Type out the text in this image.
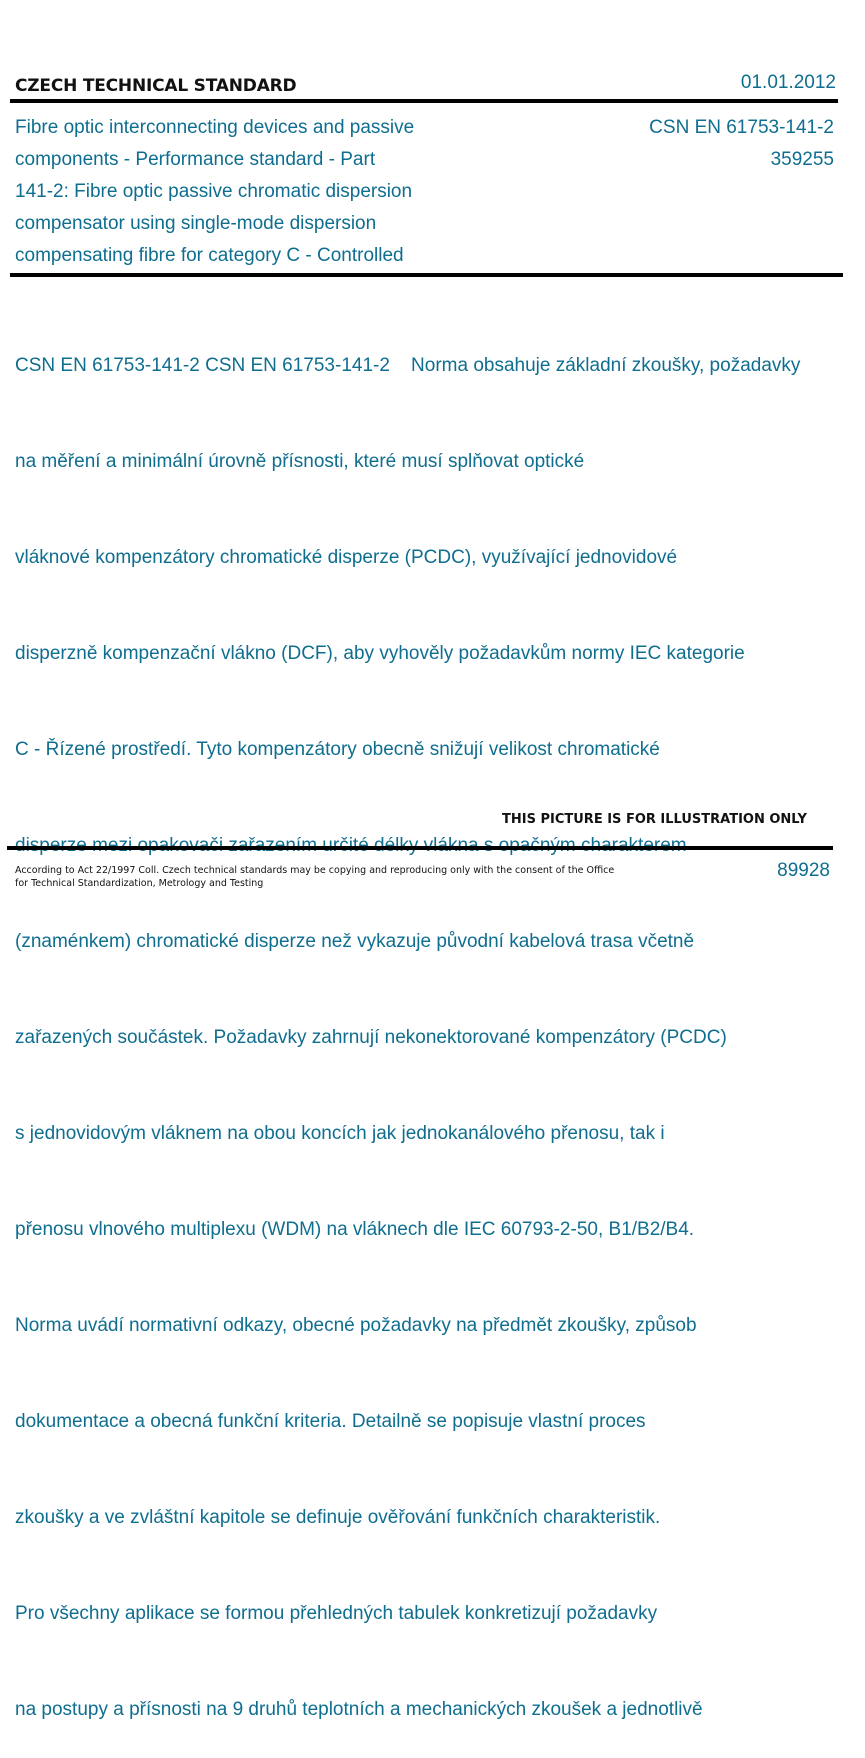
CZECH TECHNICAL STANDARD	01.01.2012
Fibre optic interconnecting devices and passive
components - Performance standard - Part
141-2: Fibre optic passive chromatic dispersion
compensator using single-mode dispersion
compensating fibre for category C - Controlled
CSN EN 61753-141-2
359255

CSN EN 61753-141-2 CSN EN 61753-141-2    Norma obsahuje základní zkoušky, požadavky

na měření a minimální úrovně přísnosti, které musí splňovat optické

vláknové kompenzátory chromatické disperze (PCDC), využívající jednovidové

disperzně kompenzační vlákno (DCF), aby vyhověly požadavkům normy IEC kategorie

C - Řízené prostředí. Tyto kompenzátory obecně snižují velikost chromatické

(znaménkem) chromatické disperze než vykazuje původní kabelová trasa včetně

zařazených součástek. Požadavky zahrnují nekonektorované kompenzátory (PCDC)

s jednovidovým vláknem na obou koncích jak jednokanálového přenosu, tak i

přenosu vlnového multiplexu (WDM) na vláknech dle IEC 60793-2-50, B1/B2/B4.

Norma uvádí normativní odkazy, obecné požadavky na předmět zkoušky, způsob

dokumentace a obecná funkční kriteria. Detailně se popisuje vlastní proces

zkoušky a ve zvláštní kapitole se definuje ověřování funkčních charakteristik.

Pro všechny aplikace se formou přehledných tabulek konkretizují požadavky

na postupy a přísnosti na 9 druhů teplotních a mechanických zkoušek a jednotlivě

THIS PICTURE IS FOR ILLUSTRATION ONLY
According to Act 22/1997 Coll. Czech technical standards may be copying and reproducing only with the consent of the Office
for Technical Standardization, Metrology and Testing
89928
